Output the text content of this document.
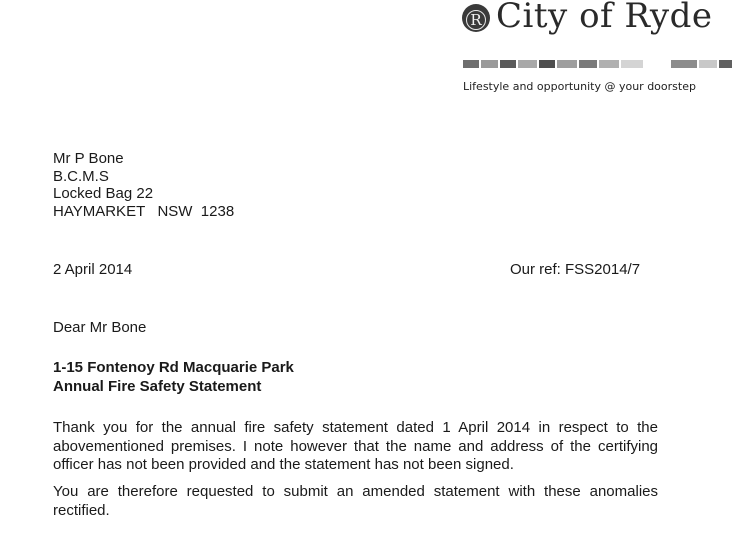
R City of Ryde
Lifestyle and opportunity @ your doorstep
Mr P Bone
B.C.M.S
Locked Bag 22
HAYMARKET   NSW  1238
2 April 2014	Our ref: FSS2014/7
Dear Mr Bone
1-15 Fontenoy Rd Macquarie Park
Annual Fire Safety Statement
Thank you for the annual fire safety statement dated 1 April 2014 in respect to the abovementioned premises. I note however that the name and address of the certifying officer has not been provided and the statement has not been signed.
You are therefore requested to submit an amended statement with these anomalies rectified.
